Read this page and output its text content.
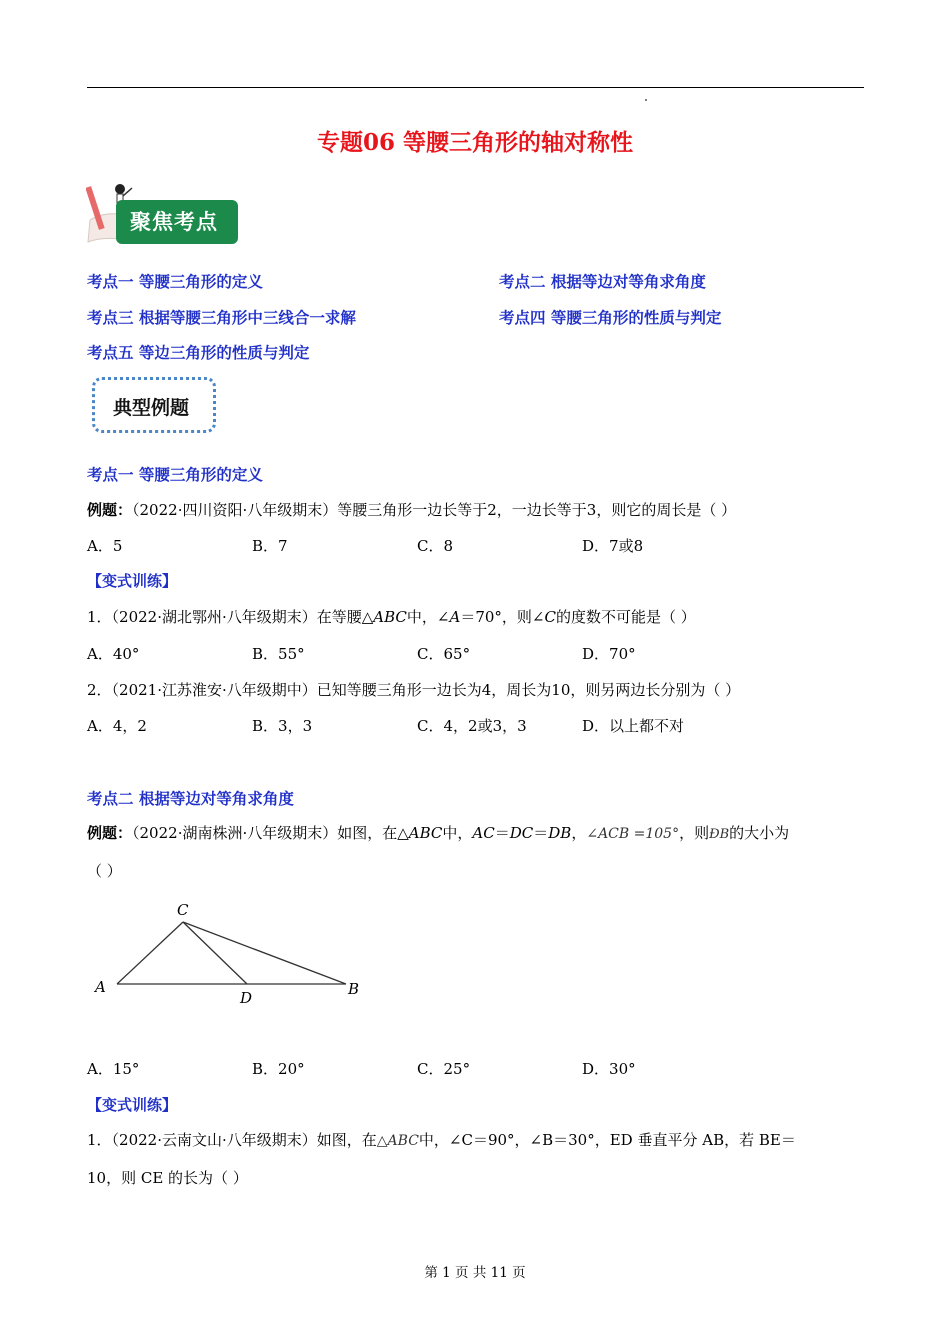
专题06 等腰三角形的轴对称性
聚焦考点
考点一 等腰三角形的定义	考点二 根据等边对等角求角度
考点三 根据等腰三角形中三线合一求解	考点四 等腰三角形的性质与判定
考点五 等边三角形的性质与判定
典型例题
考点一 等腰三角形的定义
例题：（2022·四川资阳·八年级期末）等腰三角形一边长等于2，一边长等于3，则它的周长是（ ）
A．5	B．7	C．8	D．7或8
【变式训练】
1．（2022·湖北鄂州·八年级期末）在等腰△ABC中，∠A＝70°，则∠C的度数不可能是（ ）
A．40°	B．55°	C．65°	D．70°
2．（2021·江苏淮安·八年级期中）已知等腰三角形一边长为4，周长为10，则另两边长分别为（ ）
A．4，2	B．3，3	C．4，2或3，3	D．以上都不对
考点二 根据等边对等角求角度
例题：（2022·湖南株洲·八年级期末）如图，在△ABC中，AC＝DC＝DB，∠ACB =105°，则ÐB的大小为
（ ）
C
A
D	B
A．15°	B．20°	C．25°	D．30°
【变式训练】
1．（2022·云南文山·八年级期末）如图，在△ABC中，∠C＝90°，∠B＝30°，ED 垂直平分 AB，若 BE＝
10，则 CE 的长为（ ）
第 1 页 共 11 页
